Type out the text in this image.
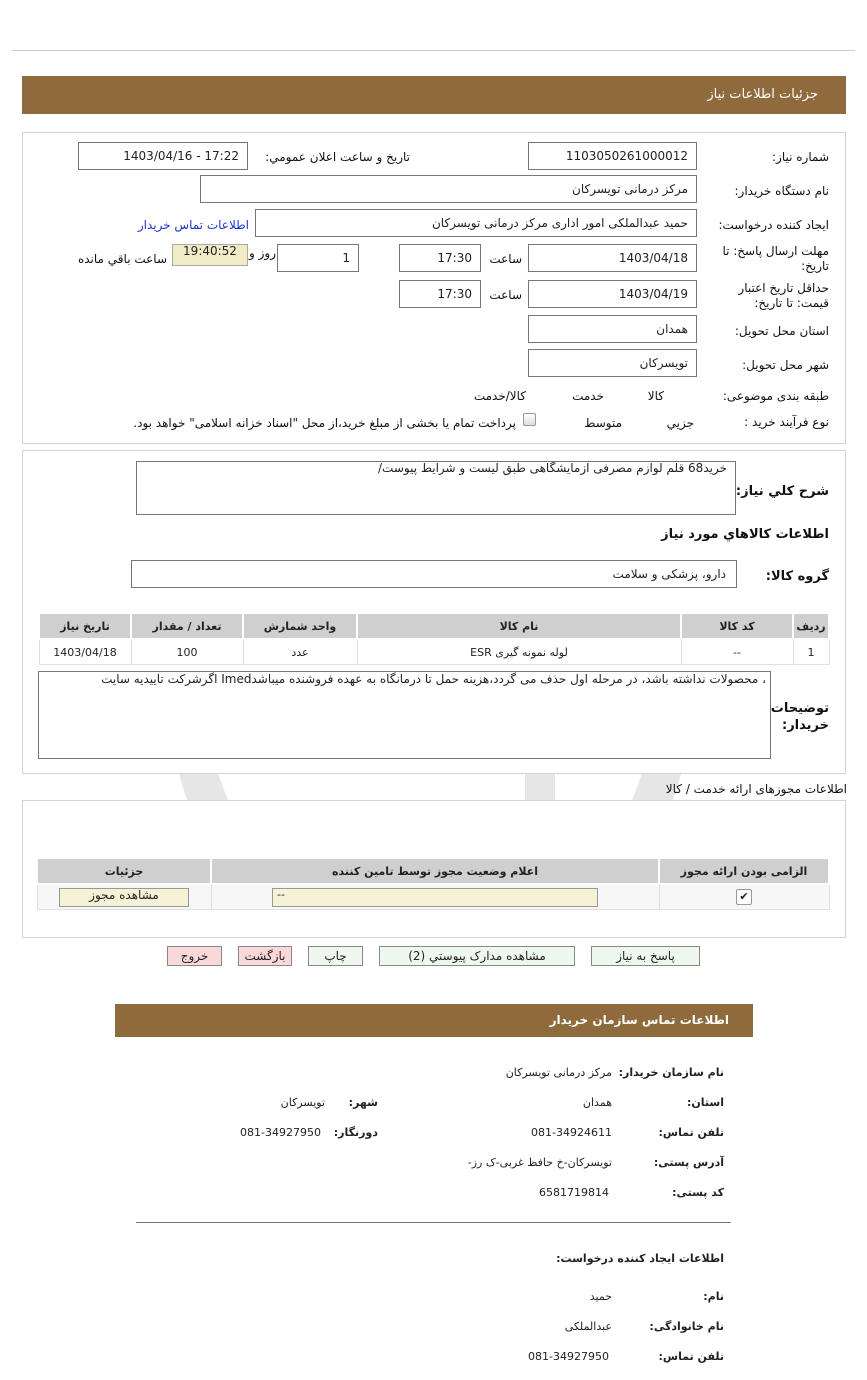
جزئیات اطلاعات نیاز
شماره نیاز:
1103050261000012
تاریخ و ساعت اعلان عمومي:
1403/04/16 - 17:22
نام دستگاه خریدار:
مرکز درمانی تویسرکان
ایجاد کننده درخواست:
حمید عبدالملکی امور اداری مرکز درمانی تویسرکان
اطلاعات تماس خریدار
مهلت ارسال پاسخ: تا تاریخ:
1403/04/18
ساعت
17:30
1
روز و
19:40:52
ساعت باقي مانده
حداقل تاریخ اعتبار قیمت: تا تاریخ:
1403/04/19
ساعت
17:30
استان محل تحویل:
همدان
شهر محل تحویل:
تویسرکان
طبقه بندی موضوعی:

کالا

خدمت

کالا/خدمت
نوع فرآیند خرید :

جزیي
متوسط
پرداخت تمام یا بخشی از مبلغ خرید،از محل "اسناد خزانه اسلامی" خواهد بود.
شرح كلي نياز:
خرید68 قلم لوازم مصرفی آزمایشگاهی طبق لیست و شرایط پیوست/
اطلاعات كالاهاي مورد نياز
گروه كالا:
دارو، پزشکی و سلامت
ردیف	کد کالا	نام کالا	واحد شمارش	تعداد / مقدار	تاریخ نیاز
1	--	لوله نمونه گیری ESR	عدد	100	1403/04/18
توضیحات خریدار:
، محصولات نداشته باشد، در مرحله اول حذف می گردد،هزینه حمل تا درمانگاه به عهده فروشنده میباشدImed اگرشرکت تاییدیه سایت
اطلاعات مجوزهای ارائه خدمت / کالا
الزامی بودن ارائه مجوز	اعلام وضعیت مجوز توسط تامین کننده	جزئیات
✔	--	مشاهده مجوز
پاسخ به نیاز
مشاهده مدارک پیوستي (2)
چاپ
بازگشت
خروج
اطلاعات تماس سازمان خریدار
نام سازمان خریدار:
مرکز درمانی تویسرکان
استان:
همدان
شهر:
تویسرکان
تلفن تماس:
081-34924611
دورنگار:
081-34927950
آدرس پستی:
تویسرکان-خ حافظ غربی-ک رز-
کد پستی:
6581719814
اطلاعات ایجاد کننده درخواست:
نام:
حمید
نام خانوادگی:
عبدالملکی
تلفن تماس:
081-34927950
